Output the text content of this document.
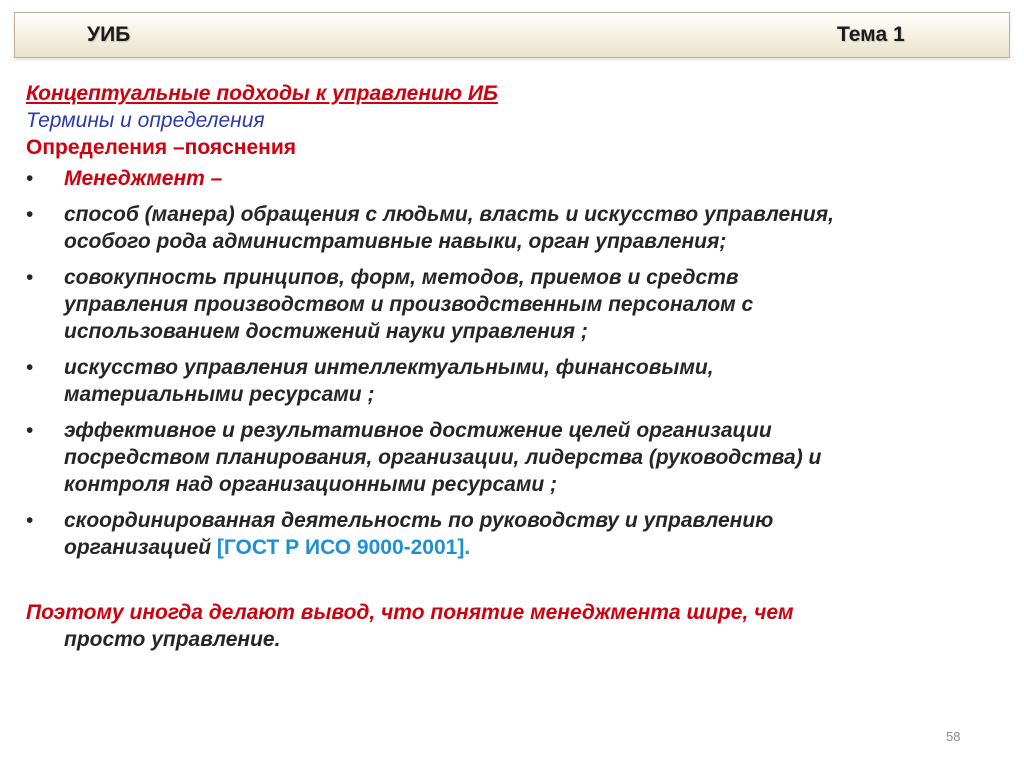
УИБ	Тема 1
Концептуальные подходы к управлению ИБ
Термины и определения
Определения –пояснения
• Менеджмент –
• способ (манера) обращения с людьми, власть и искусство управления,
особого рода административные навыки, орган управления;
• совокупность принципов, форм, методов, приемов и средств
управления производством и производственным персоналом с
использованием достижений науки управления ;
• искусство управления интеллектуальными, финансовыми,
материальными ресурсами ;
• эффективное и результативное достижение целей организации
посредством планирования, организации, лидерства (руководства) и
контроля над организационными ресурсами ;
• скоординированная деятельность по руководству и управлению
организацией [ГОСТ Р ИСО 9000-2001].
Поэтому иногда делают вывод, что понятие менеджмента шире, чем
просто управление.
58
